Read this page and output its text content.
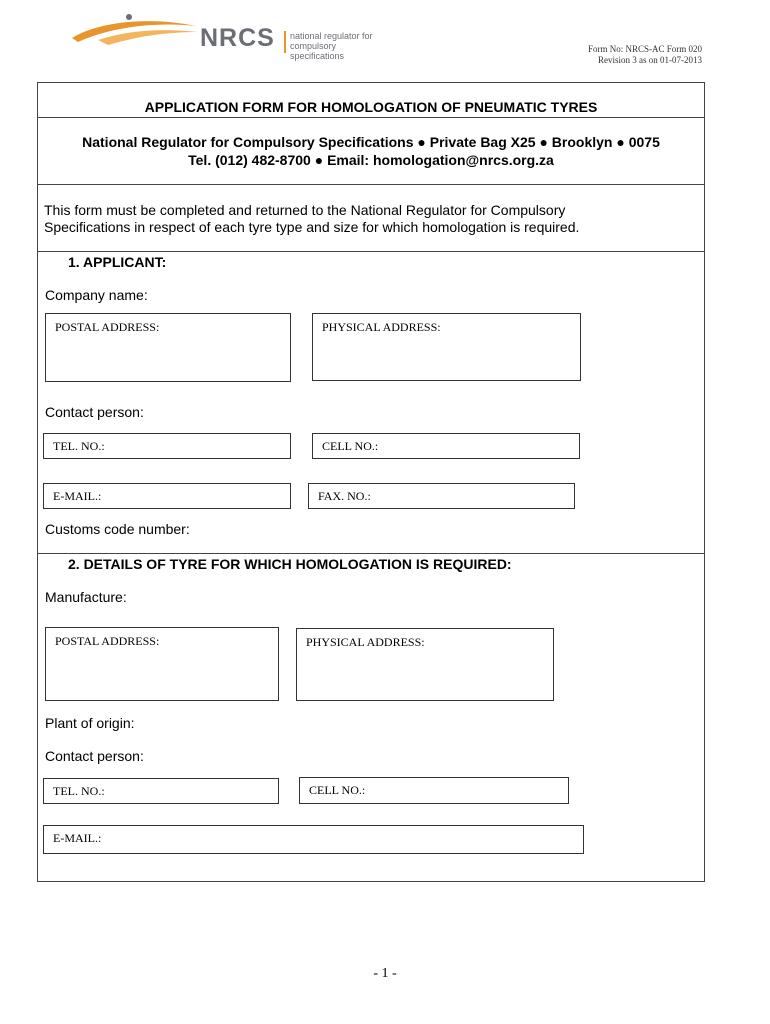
NRCS national regulator for
compulsory specifications
Form No: NRCS-AC Form 020
Revision 3 as on 01-07-2013
APPLICATION FORM FOR HOMOLOGATION OF PNEUMATIC TYRES
National Regulator for Compulsory Specifications ● Private Bag X25 ● Brooklyn ● 0075
Tel. (012) 482-8700 ● Email: homologation@nrcs.org.za
This form must be completed and returned to the National Regulator for Compulsory
Specifications in respect of each tyre type and size for which homologation is required.
1. APPLICANT:
Company name:
POSTAL ADDRESS:	PHYSICAL ADDRESS:
Contact person:
TEL. NO.:	CELL NO.:
E-MAIL.:	FAX. NO.:
Customs code number:
2. DETAILS OF TYRE FOR WHICH HOMOLOGATION IS REQUIRED:
Manufacture:
POSTAL ADDRESS:	PHYSICAL ADDRESS:
Plant of origin:
Contact person:
TEL. NO.:	CELL NO.:
E-MAIL.:
- 1 -
